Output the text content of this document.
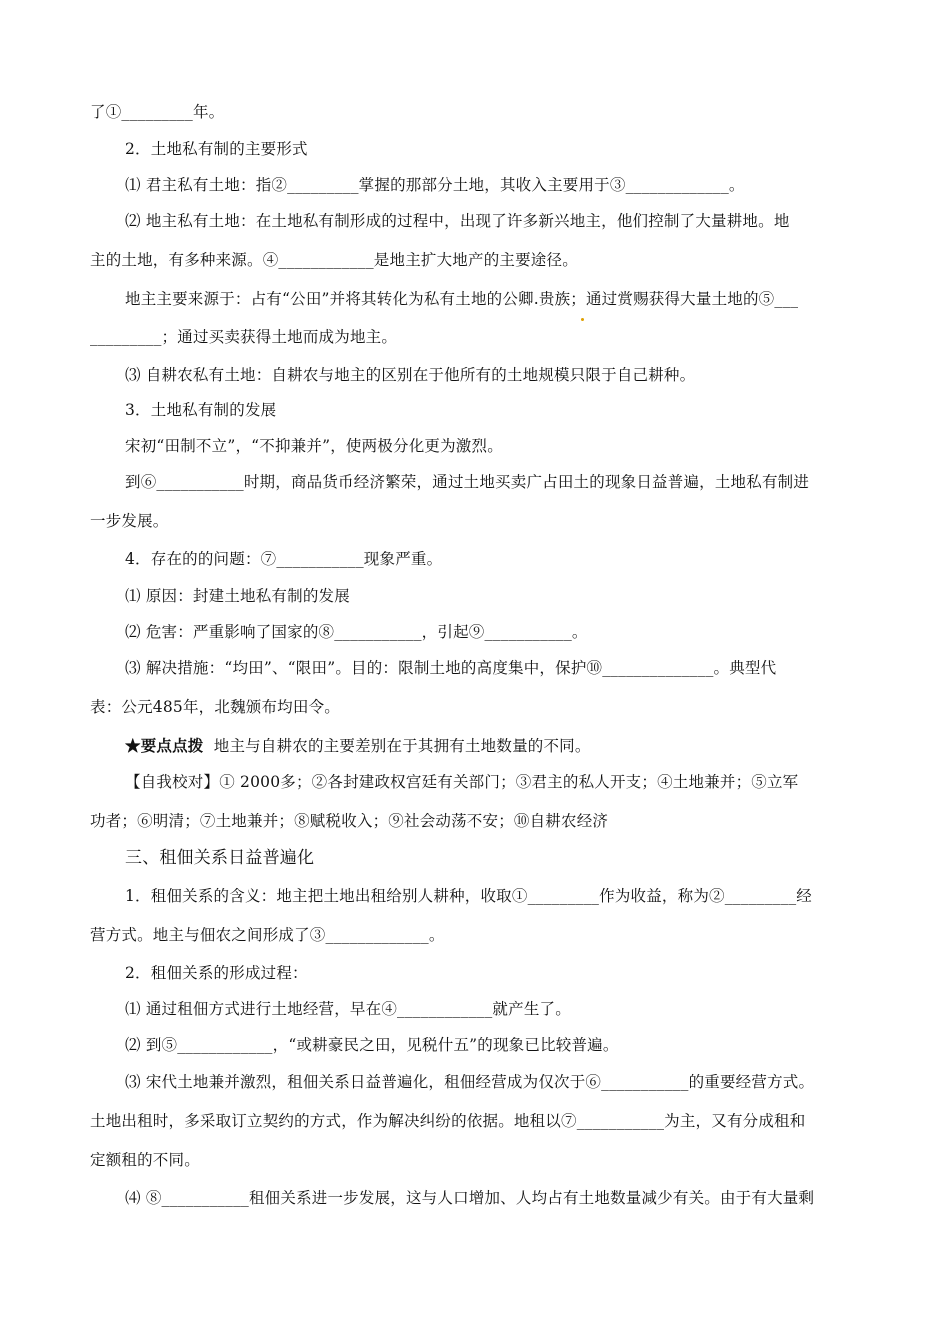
了①_________年。
2．土地私有制的主要形式
⑴ 君主私有土地：指②_________掌握的那部分土地，其收入主要用于③_____________。
⑵ 地主私有土地：在土地私有制形成的过程中，出现了许多新兴地主，他们控制了大量耕地。地
主的土地，有多种来源。④____________是地主扩大地产的主要途径。
地主主要来源于：占有“公田”并将其转化为私有土地的公卿.贵族；通过赏赐获得大量土地的⑤___
_________；通过买卖获得土地而成为地主。
⑶ 自耕农私有土地：自耕农与地主的区别在于他所有的土地规模只限于自己耕种。
3．土地私有制的发展
宋初“田制不立”，“不抑兼并”，使两极分化更为激烈。
到⑥___________时期，商品货币经济繁荣，通过土地买卖广占田土的现象日益普遍，土地私有制进
一步发展。
4．存在的的问题：⑦___________现象严重。
⑴ 原因：封建土地私有制的发展
⑵ 危害：严重影响了国家的⑧___________，引起⑨___________。
⑶ 解决措施：“均田”、“限田”。目的：限制土地的高度集中，保护⑩______________。典型代
表：公元485年，北魏颁布均田令。
★要点点拨 地主与自耕农的主要差别在于其拥有土地数量的不同。
【自我校对】① 2000多；②各封建政权宫廷有关部门；③君主的私人开支；④土地兼并；⑤立军
功者；⑥明清；⑦土地兼并；⑧赋税收入；⑨社会动荡不安；⑩自耕农经济
三、租佃关系日益普遍化
1．租佃关系的含义：地主把土地出租给别人耕种，收取①_________作为收益，称为②_________经
营方式。地主与佃农之间形成了③_____________。
2．租佃关系的形成过程：
⑴ 通过租佃方式进行土地经营，早在④____________就产生了。
⑵ 到⑤____________，“或耕豪民之田，见税什五”的现象已比较普遍。
⑶ 宋代土地兼并激烈，租佃关系日益普遍化，租佃经营成为仅次于⑥___________的重要经营方式。
土地出租时，多采取订立契约的方式，作为解决纠纷的依据。地租以⑦___________为主，又有分成租和
定额租的不同。
⑷ ⑧___________租佃关系进一步发展，这与人口增加、人均占有土地数量减少有关。由于有大量剩
